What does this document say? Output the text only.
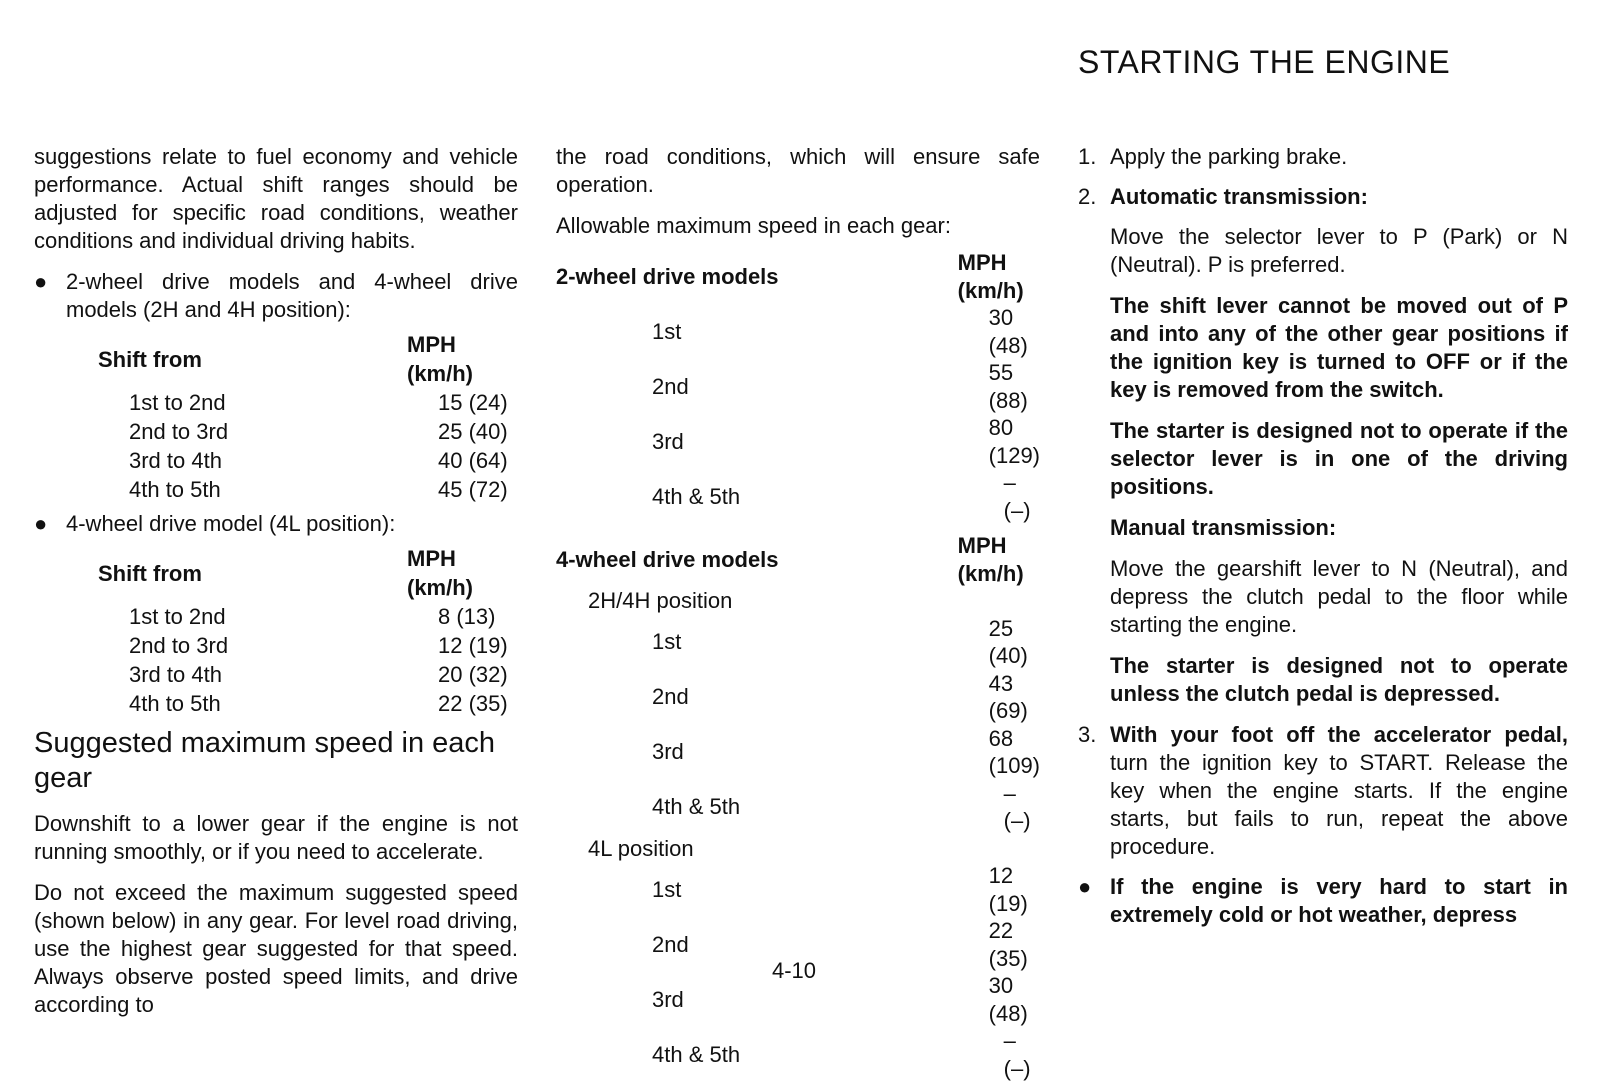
STARTING THE ENGINE

suggestions relate to fuel economy and vehicle performance. Actual shift ranges should be adjusted for specific road conditions, weather conditions and individual driving habits.

● 2-wheel drive models and 4-wheel drive models (2H and 4H position):
Shift from	MPH (km/h)
1st to 2nd	15 (24)
2nd to 3rd	25 (40)
3rd to 4th	40 (64)
4th to 5th	45 (72)
● 4-wheel drive model (4L position):
Shift from	MPH (km/h)
1st to 2nd	8 (13)
2nd to 3rd	12 (19)
3rd to 4th	20 (32)
4th to 5th	22 (35)
Suggested maximum speed in each gear

Downshift to a lower gear if the engine is not running smoothly, or if you need to accelerate.

Do not exceed the maximum suggested speed (shown below) in any gear. For level road driving, use the highest gear suggested for that speed. Always observe posted speed limits, and drive according to

the road conditions, which will ensure safe operation.

Allowable maximum speed in each gear:

2-wheel drive models	MPH (km/h)
1st	30 (48)
2nd	55 (88)
3rd	80 (129)
4th & 5th	– (–)
4-wheel drive models	MPH (km/h)
2H/4H position	
1st	25 (40)
2nd	43 (69)
3rd	68 (109)
4th & 5th	– (–)
4L position	
1st	12 (19)
2nd	22 (35)
3rd	30 (48)
4th & 5th	– (–)
1. Apply the parking brake.
2. Automatic transmission:

Move the selector lever to P (Park) or N (Neutral). P is preferred.

The shift lever cannot be moved out of P and into any of the other gear positions if the ignition key is turned to OFF or if the key is removed from the switch.

The starter is designed not to operate if the selector lever is in one of the driving positions.

Manual transmission:

Move the gearshift lever to N (Neutral), and depress the clutch pedal to the floor while starting the engine.

The starter is designed not to operate unless the clutch pedal is depressed.

3. With your foot off the accelerator pedal, turn the ignition key to START. Release the key when the engine starts. If the engine starts, but fails to run, repeat the above procedure.
● If the engine is very hard to start in extremely cold or hot weather, depress
4-10
